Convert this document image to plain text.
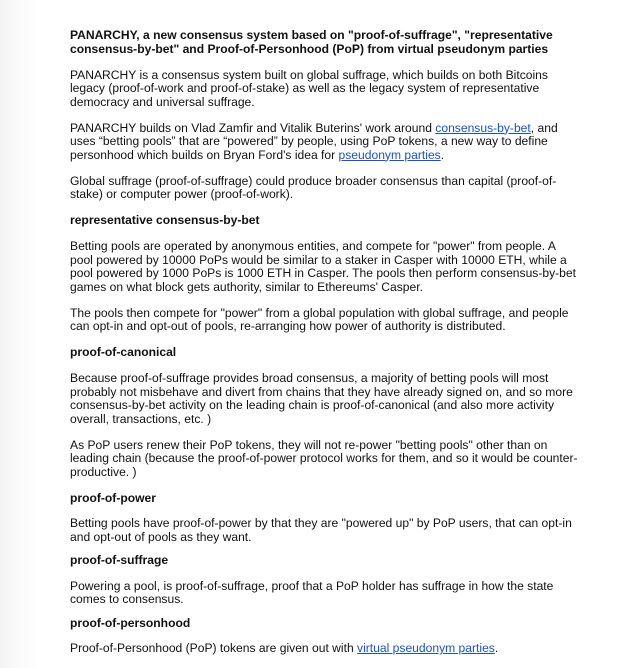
PANARCHY, a new consensus system based on "proof-of-suffrage", "representative consensus-by-bet" and Proof-of-Personhood (PoP) from virtual pseudonym parties

PANARCHY is a consensus system built on global suffrage, which builds on both Bitcoins legacy (proof-of-work and proof-of-stake) as well as the legacy system of representative democracy and universal suffrage.

PANARCHY builds on Vlad Zamfir and Vitalik Buterins' work around consensus-by-bet, and uses “betting pools” that are “powered” by people, using PoP tokens, a new way to define personhood which builds on Bryan Ford's idea for pseudonym parties.

Global suffrage (proof-of-suffrage) could produce broader consensus than capital (proof-of-stake) or computer power (proof-of-work).

representative consensus-by-bet

Betting pools are operated by anonymous entities, and compete for "power" from people. A pool powered by 10000 PoPs would be similar to a staker in Casper with 10000 ETH, while a pool powered by 1000 PoPs is 1000 ETH in Casper. The pools then perform consensus-by-bet games on what block gets authority, similar to Ethereums' Casper.

The pools then compete for "power" from a global population with global suffrage, and people can opt-in and opt-out of pools, re-arranging how power of authority is distributed.

proof-of-canonical

Because proof-of-suffrage provides broad consensus, a majority of betting pools will most probably not misbehave and divert from chains that they have already signed on, and so more consensus-by-bet activity on the leading chain is proof-of-canonical (and also more activity overall, transactions, etc. )

As PoP users renew their PoP tokens, they will not re-power "betting pools" other than on leading chain (because the proof-of-power protocol works for them, and so it would be counter-productive. )

proof-of-power

Betting pools have proof-of-power by that they are "powered up" by PoP users, that can opt-in and opt-out of pools as they want.

proof-of-suffrage

Powering a pool, is proof-of-suffrage, proof that a PoP holder has suffrage in how the state comes to consensus.

proof-of-personhood

Proof-of-Personhood (PoP) tokens are given out with virtual pseudonym parties.
